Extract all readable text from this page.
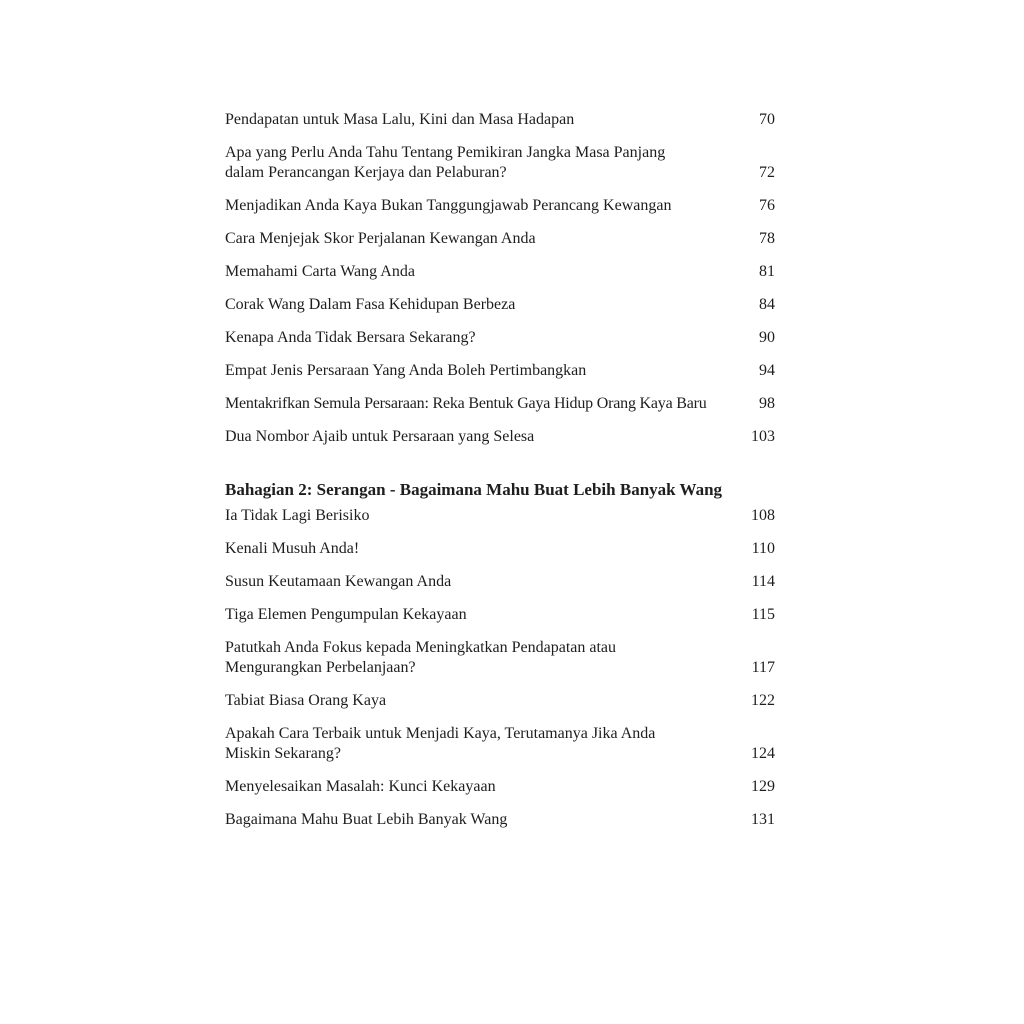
Pendapatan untuk Masa Lalu, Kini dan Masa Hadapan	70
Apa yang Perlu Anda Tahu Tentang Pemikiran Jangka Masa Panjang
dalam Perancangan Kerjaya dan Pelaburan?	72
Menjadikan Anda Kaya Bukan Tanggungjawab Perancang Kewangan	76
Cara Menjejak Skor Perjalanan Kewangan Anda	78
Memahami Carta Wang Anda	81
Corak Wang Dalam Fasa Kehidupan Berbeza	84
Kenapa Anda Tidak Bersara Sekarang?	90
Empat Jenis Persaraan Yang Anda Boleh Pertimbangkan	94
Mentakrifkan Semula Persaraan: Reka Bentuk Gaya Hidup Orang Kaya Baru	98
Dua Nombor Ajaib untuk Persaraan yang Selesa	103
Bahagian 2: Serangan - Bagaimana Mahu Buat Lebih Banyak Wang
Ia Tidak Lagi Berisiko	108
Kenali Musuh Anda!	110
Susun Keutamaan Kewangan Anda	114
Tiga Elemen Pengumpulan Kekayaan	115
Patutkah Anda Fokus kepada Meningkatkan Pendapatan atau
Mengurangkan Perbelanjaan?	117
Tabiat Biasa Orang Kaya	122
Apakah Cara Terbaik untuk Menjadi Kaya, Terutamanya Jika Anda
Miskin Sekarang?	124
Menyelesaikan Masalah: Kunci Kekayaan	129
Bagaimana Mahu Buat Lebih Banyak Wang	131
